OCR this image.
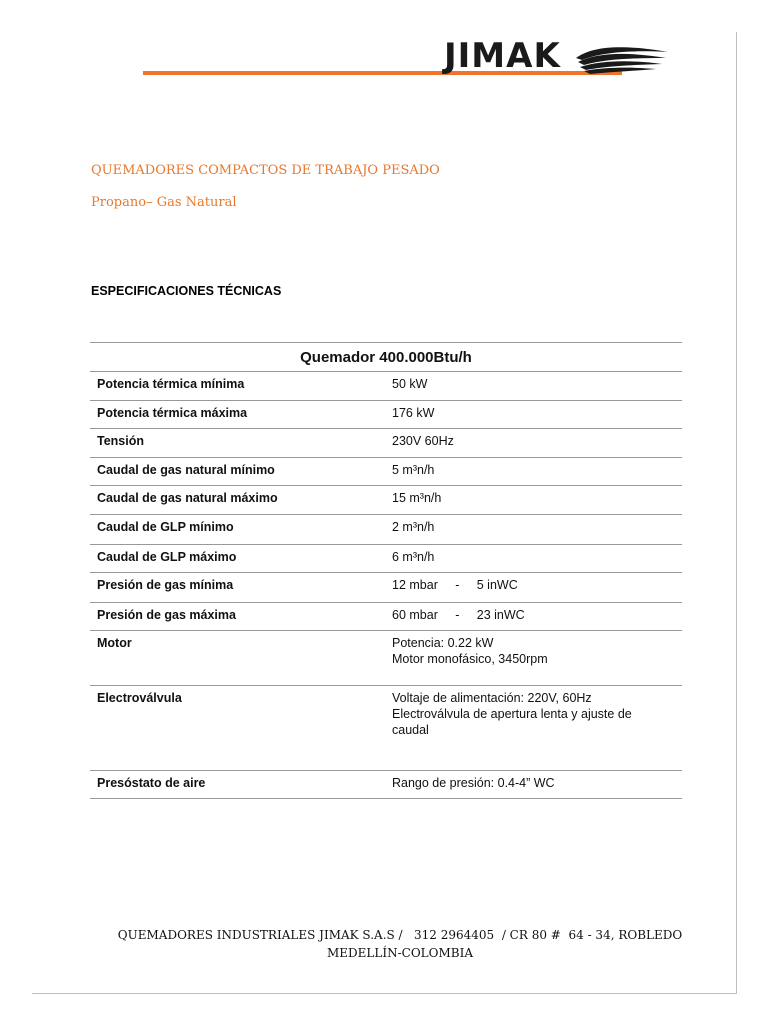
JIMAK
QUEMADORES COMPACTOS DE TRABAJO PESADO
Propano– Gas Natural
ESPECIFICACIONES TÉCNICAS
Quemador 400.000Btu/h	

Potencia térmica mínima	50 kW

Potencia térmica máxima	176 kW

Tensión	230V 60Hz

Caudal de gas natural mínimo	5 m³n/h

Caudal de gas natural máximo	15 m³n/h

Caudal de GLP mínimo	2 m³n/h

Caudal de GLP máximo	6 m³n/h

Presión de gas mínima	12 mbar     -     5 inWC

Presión de gas máxima	60 mbar     -     23 inWC

Motor	Potencia: 0.22 kW
Motor monofásico, 3450rpm

Electroválvula	Voltaje de alimentación: 220V, 60Hz
Electroválvula de apertura lenta y ajuste de
caudal

Presóstato de aire	Rango de presión: 0.4-4” WC
QUEMADORES INDUSTRIALES JIMAK S.A.S /   312 2964405  / CR 80 #  64 - 34, ROBLEDO
MEDELLÍN-COLOMBIA
